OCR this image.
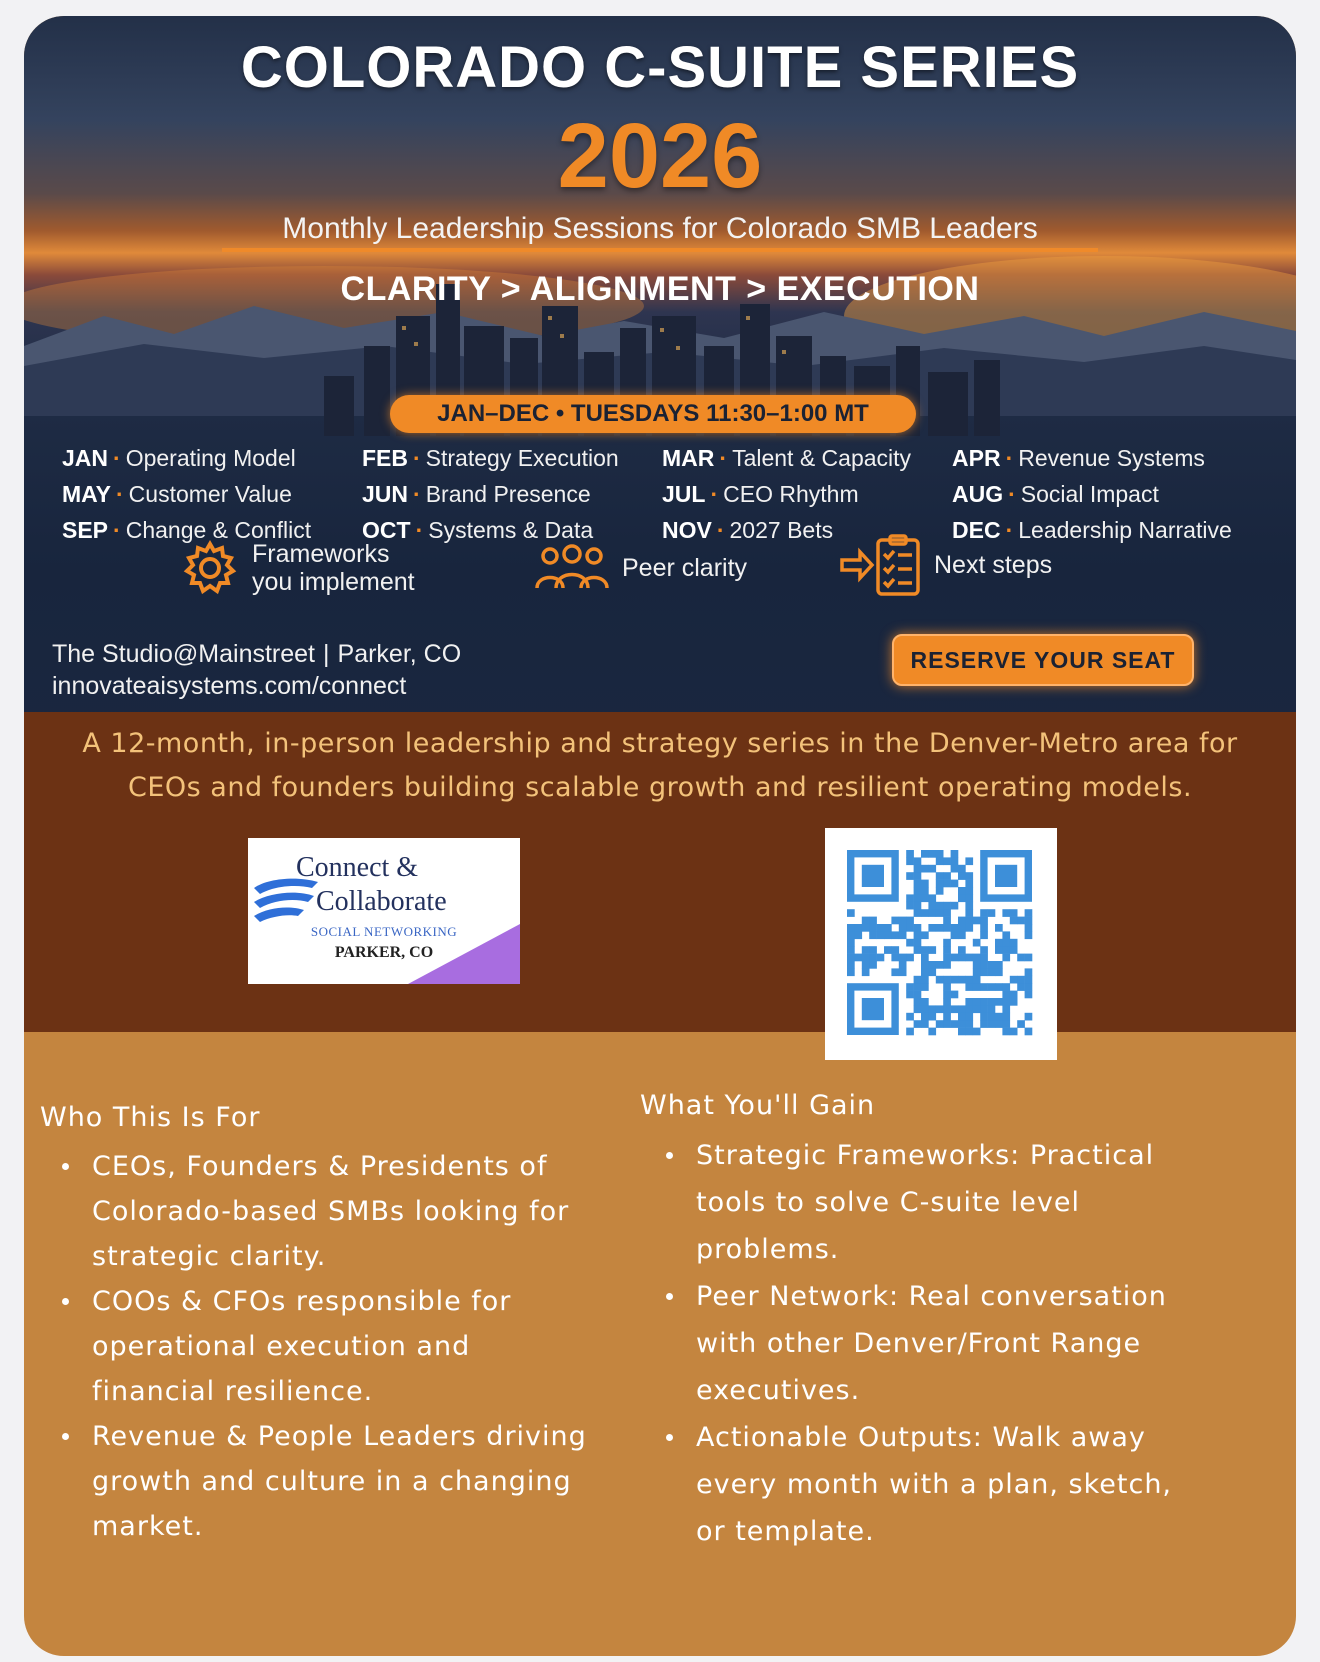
COLORADO C-SUITE SERIES
2026
Monthly Leadership Sessions for Colorado SMB Leaders
CLARITY > ALIGNMENT > EXECUTION
JAN–DEC • TUESDAYS 11:30–1:00 MT
JAN · Operating Model	FEB · Strategy Execution	MAR · Talent & Capacity	APR · Revenue Systems
MAY · Customer Value	JUN · Brand Presence	JUL · CEO Rhythm	AUG · Social Impact
SEP · Change & Conflict	OCT · Systems & Data	NOV · 2027 Bets	DEC · Leadership Narrative
Frameworks
you implement	Peer clarity	Next steps
The Studio@Mainstreet | Parker, CO
innovateaisystems.com/connect
RESERVE YOUR SEAT
A 12-month, in-person leadership and strategy series in the Denver-Metro area for CEOs and founders building scalable growth and resilient operating models.
Connect &
Collaborate
SOCIAL NETWORKING
PARKER, CO
Who This Is For
CEOs, Founders & Presidents of
Colorado-based SMBs looking for
strategic clarity.
COOs & CFOs responsible for
operational execution and
financial resilience.
Revenue & People Leaders driving
growth and culture in a changing
market.
What You'll Gain
Strategic Frameworks: Practical
tools to solve C-suite level
problems.
Peer Network: Real conversation
with other Denver/Front Range
executives.
Actionable Outputs: Walk away
every month with a plan, sketch,
or template.
